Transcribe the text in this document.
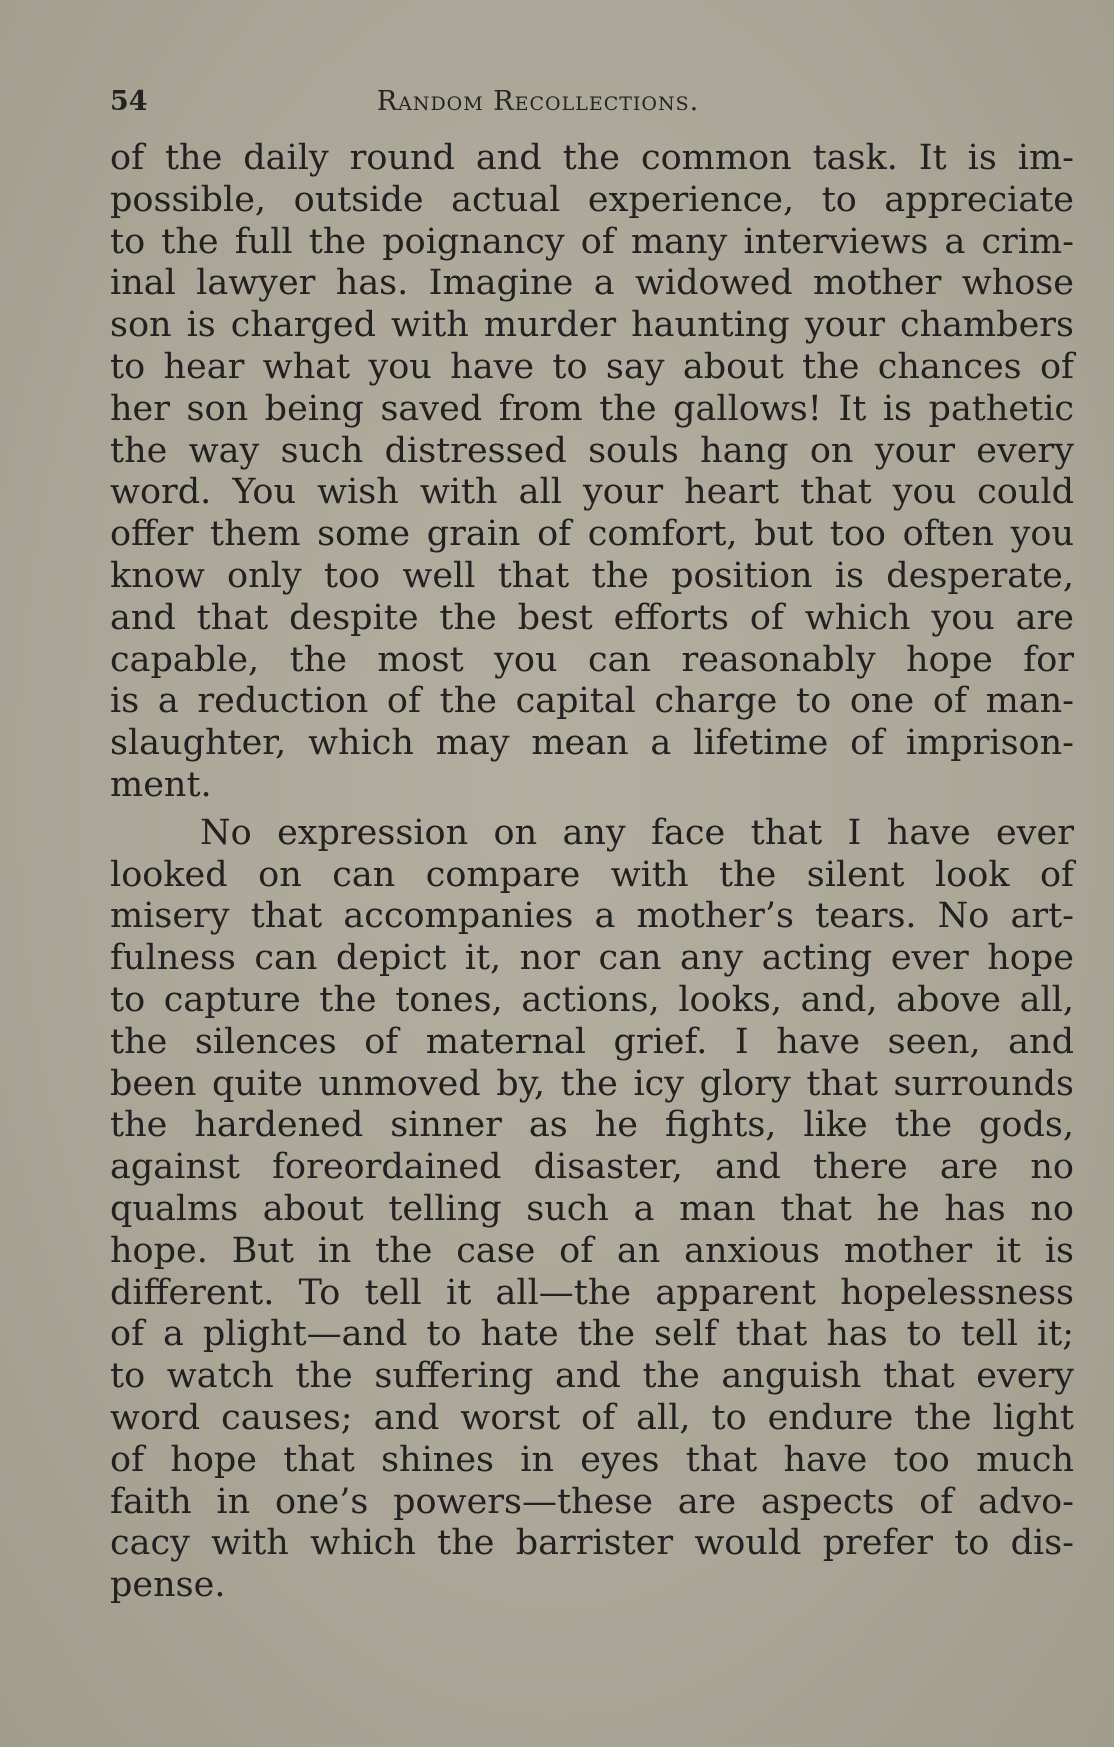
54	Random Recollections.
of the daily round and the common task. It is im-
possible, outside actual experience, to appreciate
to the full the poignancy of many interviews a crim-
inal lawyer has. Imagine a widowed mother whose
son is charged with murder haunting your chambers
to hear what you have to say about the chances of
her son being saved from the gallows! It is pathetic
the way such distressed souls hang on your every
word. You wish with all your heart that you could
offer them some grain of comfort, but too often you
know only too well that the position is desperate,
and that despite the best efforts of which you are
capable, the most you can reasonably hope for
is a reduction of the capital charge to one of man-
slaughter, which may mean a lifetime of imprison-
ment.
No expression on any face that I have ever
looked on can compare with the silent look of
misery that accompanies a mother’s tears. No art-
fulness can depict it, nor can any acting ever hope
to capture the tones, actions, looks, and, above all,
the silences of maternal grief. I have seen, and
been quite unmoved by, the icy glory that surrounds
the hardened sinner as he fights, like the gods,
against foreordained disaster, and there are no
qualms about telling such a man that he has no
hope. But in the case of an anxious mother it is
different. To tell it all—the apparent hopelessness
of a plight—and to hate the self that has to tell it;
to watch the suffering and the anguish that every
word causes; and worst of all, to endure the light
of hope that shines in eyes that have too much
faith in one’s powers—these are aspects of advo-
cacy with which the barrister would prefer to dis-
pense.
